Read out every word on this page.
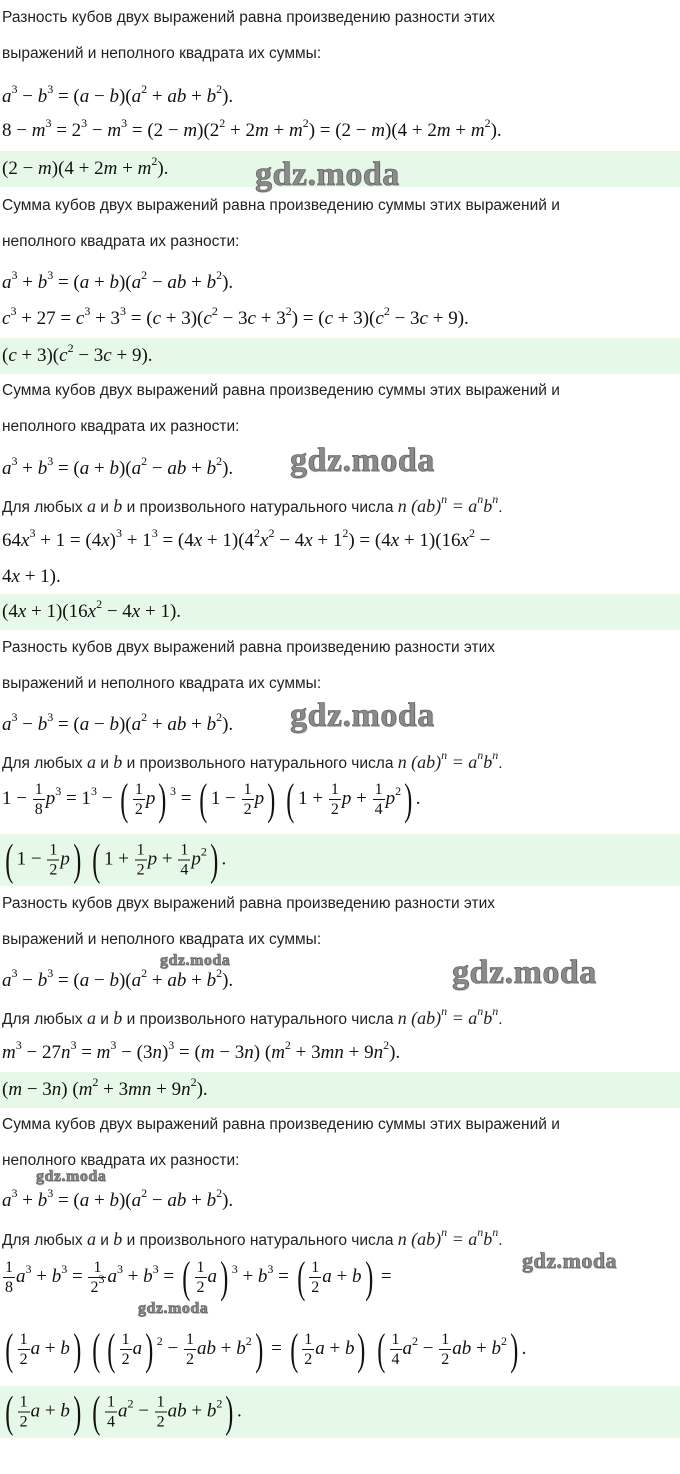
Разность кубов двух выражений равна произведению разности этих
выражений и неполного квадрата их суммы:
$a^3 - b^3 = (a - b)(a^2$ + ab + $b^2$).
$8 - m^3 = 2^3 - m^3 = (2 - m)(2^2 + 2m + m^2) = (2 - m)(4 + 2m + m^2)$.
$(2 - m)(4 + 2m + m^2)$.	gdz.moda
Сумма кубов двух выражений равна произведению суммы этих выражений и
неполного квадрата их разности:
$a^3 + b^3 = (a + b)(a^2$ − ab + $b^2$).
$c^3 + 27 = c^3 + 3^3 = (c + 3)(c^2 - 3c + 3^2) = (c + 3)(c^2 - 3c + 9)$.
$(c + 3)(c^2 - 3c + 9)$.
Сумма кубов двух выражений равна произведению суммы этих выражений и
неполного квадрата их разности:
$a^3 + b^3 = (a + b)(a^2$ − ab + $b^2$). gdz.moda
Для любых a и b и произвольного натурального числа n $(ab)^n = a^nb^n$.
$64x^3 + 1 = (4x)^3 + 1^3 = (4x + 1)(4^2x^2 - 4x + 1^2) = (4x + 1)(16x^2$ −
4x + 1).
$(4x + 1)(16x^2 - 4x + 1)$.
Разность кубов двух выражений равна произведению разности этих
выражений и неполного квадрата их суммы:
$a^3 - b^3 = (a - b)(a^2$ + ab + $b^2$). gdz.moda
Для любых a и b и произвольного натурального числа n $(ab)^n = a^nb^n$.
$1 - \frac{1}{8} p^3 = 1^3$ − ( $\frac{1}{2} p$) $^3$ = ( $1 - \frac{1}{2} p$) ( $1 + \frac{1}{2}$ $p + \frac{1}{4} p^2$) .
( $1 - \frac{1}{2} p$) ( $1 + \frac{1}{2}$ $p + \frac{1}{4} p^2$) .
Разность кубов двух выражений равна произведению разности этих
выражений и неполного квадрата их суммы:
gdz.moda
$a^3 - b^3 = (a - b)(a^2$ + ab + $b^2$).	gdz.moda
Для любых a и b и произвольного натурального числа n $(ab)^n = a^nb^n$.
$m^3 - 27n^3 = m^3 - (3n)^3 = (m - 3n) (m^2 + 3mn + 9n^2)$.
(m − 3n) $(m^2 + 3mn + 9n^2)$.
Сумма кубов двух выражений равна произведению суммы этих выражений и
неполного квадрата их разности:
gdz.moda
$a^3 + b^3 = (a + b)(a^2$ − ab + $b^2$).
Для любых a и b и произвольного натурального числа n $(ab)^n = a^nb^n$.
gdz.moda
$\frac{1}{8} a^3 + b^3 = \frac{1}{2^3} a^3 + b^3$ = ( $\frac{1}{2} a$) $^3 + b^3$ = ( $\frac{1}{2}$ a + b) =
gdz.moda
( $\frac{1}{2}$ a + b) ( ( $\frac{1}{2} a$) $^2 - \frac{1}{2}$ ab + $b^2$) = ( $\frac{1}{2}$ a + b) ( $\frac{1}{4} a^2 - \frac{1}{2}$ ab + $b^2$) .
( $\frac{1}{2}$ a + b) ( $\frac{1}{4} a^2 - \frac{1}{2}$ ab + $b^2$) .
